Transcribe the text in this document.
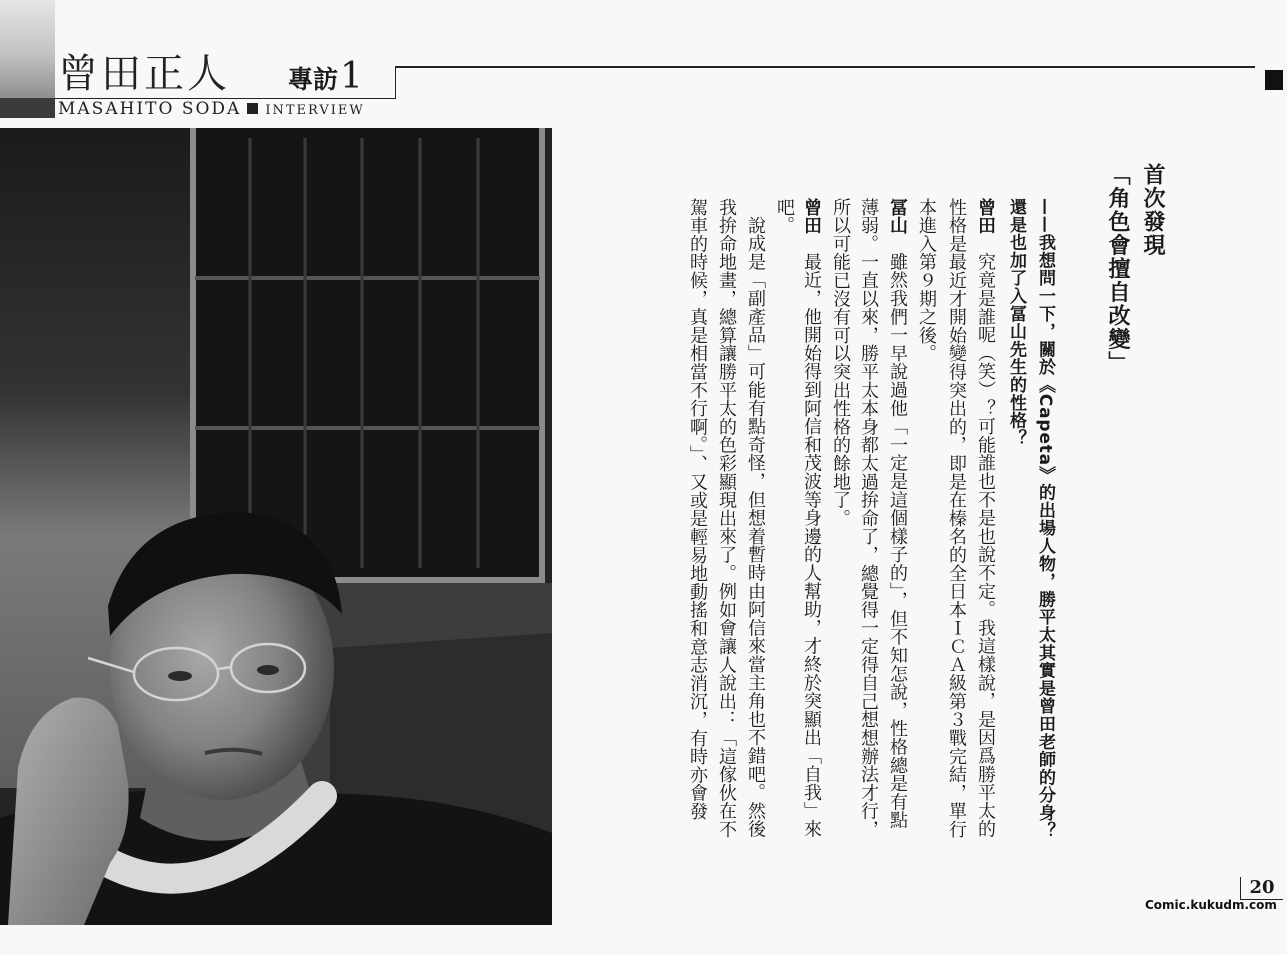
曾田正人 專訪1
MASAHITO SODA INTERVIEW
首次發現
「角色會擅自改變」
——我想問一下，關於《Capeta》的出場人物，勝平太其實是曾田老師的分身？
還是也加了入冨山先生的性格？
曾田究竟是誰呢（笑）？可能誰也不是也說不定。我這樣說，是因爲勝平太的
性格是最近才開始變得突出的，即是在榛名的全日本ＩＣＡ級第３戰完結，單行
本進入第９期之後。
冨山雖然我們一早說過他「一定是這個樣子的」，但不知怎說，性格總是有點
薄弱。一直以來，勝平太本身都太過拚命了，總覺得一定得自己想想辦法才行，
所以可能已沒有可以突出性格的餘地了。
曾田最近，他開始得到阿信和茂波等身邊的人幫助，才終於突顯出「自我」來
吧。
說成是「副產品」可能有點奇怪，但想着暫時由阿信來當主角也不錯吧。然後
我拚命地畫，總算讓勝平太的色彩顯現出來了。例如會讓人說出：「這傢伙在不
駕車的時候，真是相當不行啊。」、又或是輕易地動搖和意志消沉，有時亦會發
20
Comic.kukudm.com
